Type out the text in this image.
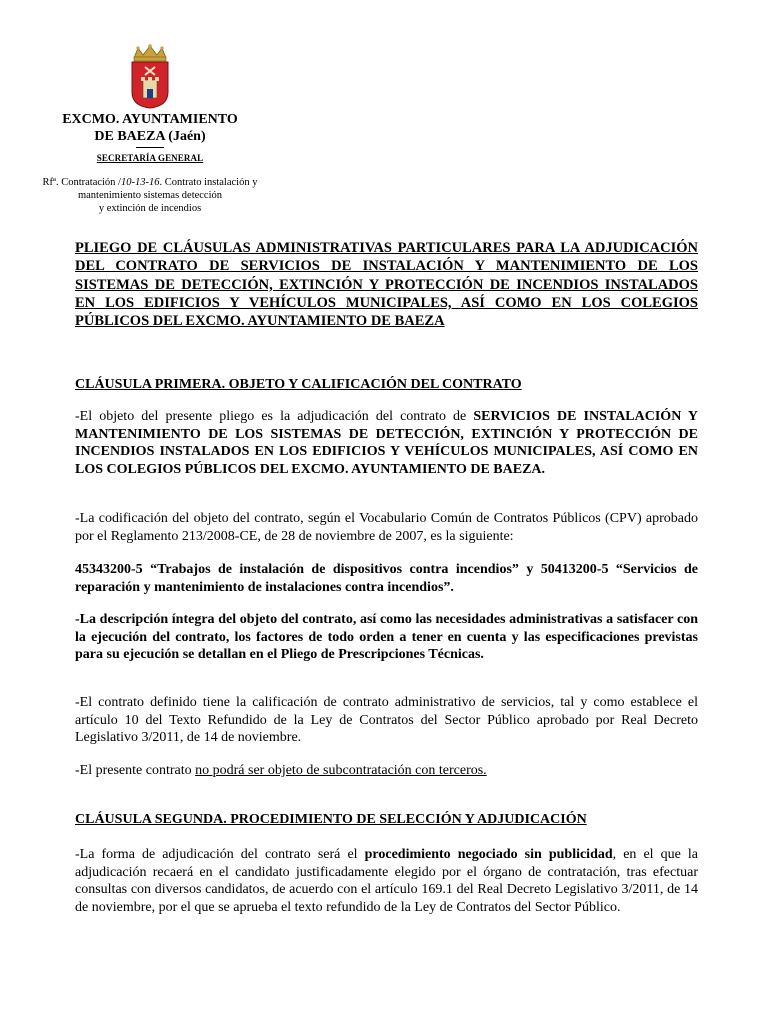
EXCMO. AYUNTAMIENTO
DE BAEZA (Jaén)
SECRETARÍA GENERAL
Rfª. Contratación /10-13-16. Contrato instalación y
mantenimiento sistemas detección
y extinción de incendios
PLIEGO DE CLÁUSULAS ADMINISTRATIVAS PARTICULARES PARA LA ADJUDICACIÓN DEL CONTRATO DE SERVICIOS DE INSTALACIÓN Y MANTENIMIENTO DE LOS SISTEMAS DE DETECCIÓN, EXTINCIÓN Y PROTECCIÓN DE INCENDIOS INSTALADOS EN LOS EDIFICIOS Y VEHÍCULOS MUNICIPALES, ASÍ COMO EN LOS COLEGIOS PÚBLICOS DEL EXCMO. AYUNTAMIENTO DE BAEZA
CLÁUSULA PRIMERA. OBJETO Y CALIFICACIÓN DEL CONTRATO

-El objeto del presente pliego es la adjudicación del contrato de SERVICIOS DE INSTALACIÓN Y MANTENIMIENTO DE LOS SISTEMAS DE DETECCIÓN, EXTINCIÓN Y PROTECCIÓN DE INCENDIOS INSTALADOS EN LOS EDIFICIOS Y VEHÍCULOS MUNICIPALES, ASÍ COMO EN LOS COLEGIOS PÚBLICOS DEL EXCMO. AYUNTAMIENTO DE BAEZA.

-La codificación del objeto del contrato, según el Vocabulario Común de Contratos Públicos (CPV) aprobado por el Reglamento 213/2008-CE, de 28 de noviembre de 2007, es la siguiente:

45343200-5 “Trabajos de instalación de dispositivos contra incendios” y 50413200-5 “Servicios de reparación y mantenimiento de instalaciones contra incendios”.

-La descripción íntegra del objeto del contrato, así como las necesidades administrativas a satisfacer con la ejecución del contrato, los factores de todo orden a tener en cuenta y las especificaciones previstas para su ejecución se detallan en el Pliego de Prescripciones Técnicas.

-El contrato definido tiene la calificación de contrato administrativo de servicios, tal y como establece el artículo 10 del Texto Refundido de la Ley de Contratos del Sector Público aprobado por Real Decreto Legislativo 3/2011, de 14 de noviembre.

-El presente contrato no podrá ser objeto de subcontratación con terceros.

CLÁUSULA SEGUNDA. PROCEDIMIENTO DE SELECCIÓN Y ADJUDICACIÓN

-La forma de adjudicación del contrato será el procedimiento negociado sin publicidad, en el que la adjudicación recaerá en el candidato justificadamente elegido por el órgano de contratación, tras efectuar consultas con diversos candidatos, de acuerdo con el artículo 169.1 del Real Decreto Legislativo 3/2011, de 14 de noviembre, por el que se aprueba el texto refundido de la Ley de Contratos del Sector Público.
